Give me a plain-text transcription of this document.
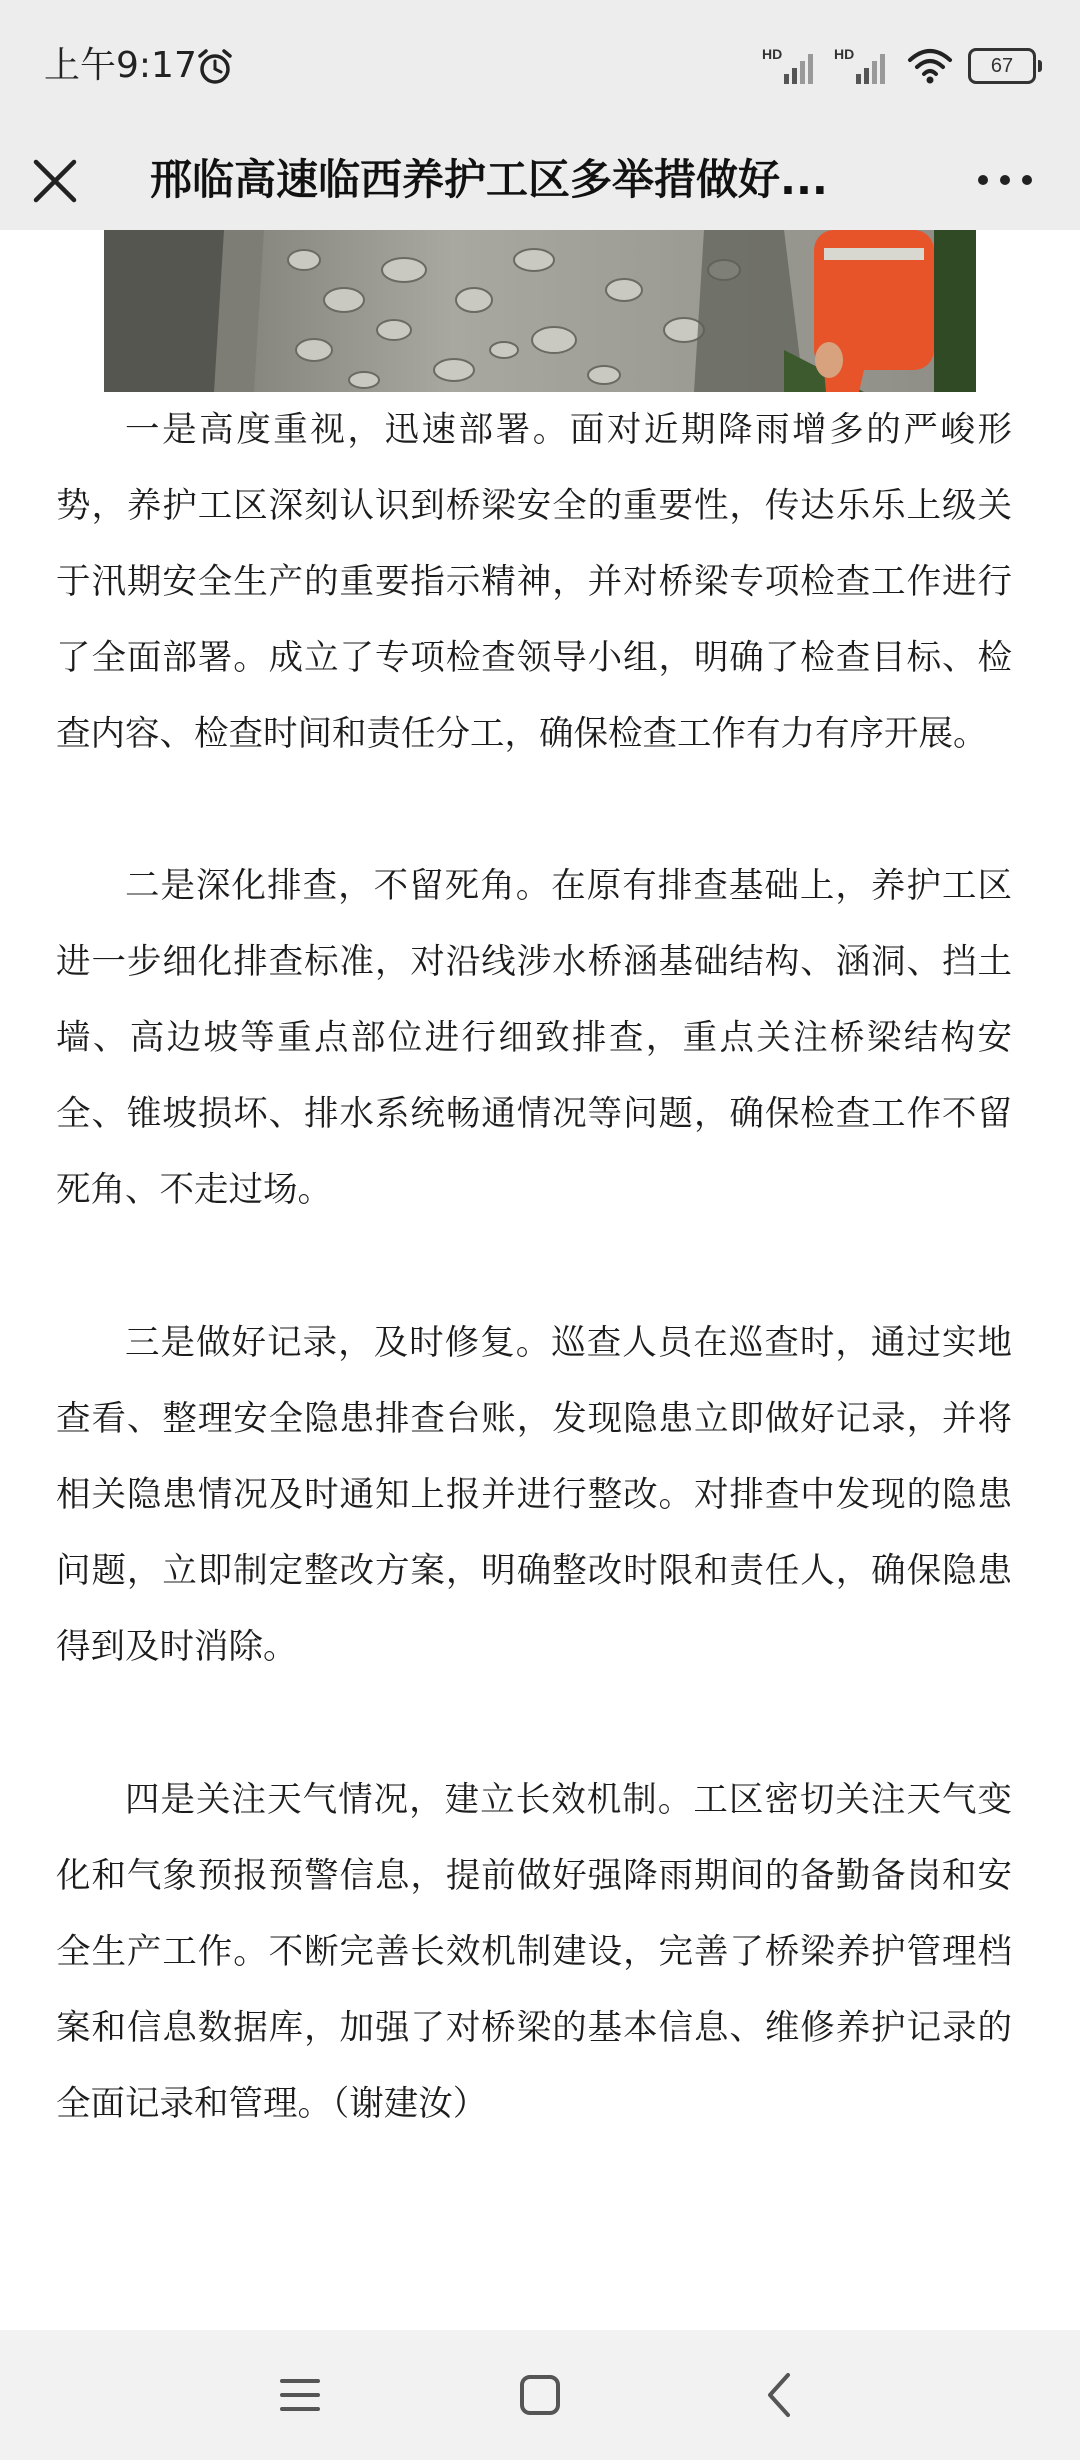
上午9:17	HD	HD
67
邢临高速临西养护工区多举措做好...

一是高度重视，迅速部署。面对近期降雨增多的严峻形势，养护工区深刻认识到桥梁安全的重要性，传达乐乐上级关于汛期安全生产的重要指示精神，并对桥梁专项检查工作进行了全面部署。成立了专项检查领导小组，明确了检查目标、检查内容、检查时间和责任分工，确保检查工作有力有序开展。

二是深化排查，不留死角。在原有排查基础上，养护工区进一步细化排查标准，对沿线涉水桥涵基础结构、涵洞、挡土墙、高边坡等重点部位进行细致排查，重点关注桥梁结构安全、锥坡损坏、排水系统畅通情况等问题，确保检查工作不留死角、不走过场。

三是做好记录，及时修复。巡查人员在巡查时，通过实地查看、整理安全隐患排查台账，发现隐患立即做好记录，并将相关隐患情况及时通知上报并进行整改。对排查中发现的隐患问题，立即制定整改方案，明确整改时限和责任人，确保隐患得到及时消除。

四是关注天气情况，建立长效机制。工区密切关注天气变化和气象预报预警信息，提前做好强降雨期间的备勤备岗和安全生产工作。不断完善长效机制建设，完善了桥梁养护管理档案和信息数据库，加强了对桥梁的基本信息、维修养护记录的全面记录和管理。（谢建汝）
